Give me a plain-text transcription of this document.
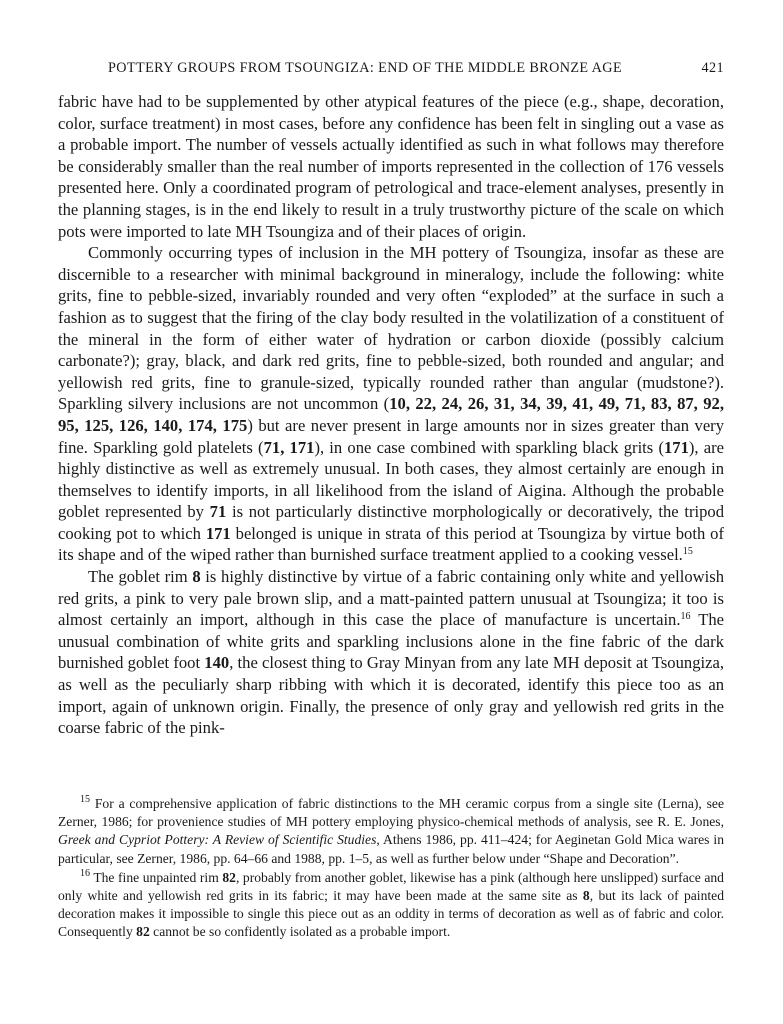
POTTERY GROUPS FROM TSOUNGIZA: END OF THE MIDDLE BRONZE AGE	421

fabric have had to be supplemented by other atypical features of the piece (e.g., shape, decoration, color, surface treatment) in most cases, before any confidence has been felt in singling out a vase as a probable import. The number of vessels actually identified as such in what follows may therefore be considerably smaller than the real number of imports represented in the collection of 176 vessels presented here. Only a coordinated program of petrological and trace-element analyses, presently in the planning stages, is in the end likely to result in a truly trustworthy picture of the scale on which pots were imported to late MH Tsoungiza and of their places of origin.

Commonly occurring types of inclusion in the MH pottery of Tsoungiza, insofar as these are discernible to a researcher with minimal background in mineralogy, include the following: white grits, fine to pebble-sized, invariably rounded and very often “exploded” at the surface in such a fashion as to suggest that the firing of the clay body resulted in the volatilization of a constituent of the mineral in the form of either water of hydration or carbon dioxide (possibly calcium carbonate?); gray, black, and dark red grits, fine to pebble-sized, both rounded and angular; and yellowish red grits, fine to granule-sized, typically rounded rather than angular (mudstone?). Sparkling silvery inclusions are not uncommon (10, 22, 24, 26, 31, 34, 39, 41, 49, 71, 83, 87, 92, 95, 125, 126, 140, 174, 175) but are never present in large amounts nor in sizes greater than very fine. Sparkling gold platelets (71, 171), in one case combined with sparkling black grits (171), are highly distinctive as well as extremely unusual. In both cases, they almost certainly are enough in themselves to identify imports, in all likelihood from the island of Aigina. Although the probable goblet represented by 71 is not particularly distinctive morphologically or decoratively, the tripod cooking pot to which 171 belonged is unique in strata of this period at Tsoungiza by virtue both of its shape and of the wiped rather than burnished surface treatment applied to a cooking vessel.$^{15}$

The goblet rim 8 is highly distinctive by virtue of a fabric containing only white and yellowish red grits, a pink to very pale brown slip, and a matt-painted pattern unusual at Tsoungiza; it too is almost certainly an import, although in this case the place of manufacture is uncertain.$^{16}$ The unusual combination of white grits and sparkling inclusions alone in the fine fabric of the dark burnished goblet foot 140, the closest thing to Gray Minyan from any late MH deposit at Tsoungiza, as well as the peculiarly sharp ribbing with which it is decorated, identify this piece too as an import, again of unknown origin. Finally, the presence of only gray and yellowish red grits in the coarse fabric of the pink-

$^{15}$ For a comprehensive application of fabric distinctions to the MH ceramic corpus from a single site (Lerna), see Zerner, 1986; for provenience studies of MH pottery employing physico-chemical methods of analysis, see R. E. Jones, Greek and Cypriot Pottery: A Review of Scientific Studies, Athens 1986, pp. 411–424; for Aeginetan Gold Mica wares in particular, see Zerner, 1986, pp. 64–66 and 1988, pp. 1–5, as well as further below under “Shape and Decoration”.

$^{16}$ The fine unpainted rim 82, probably from another goblet, likewise has a pink (although here unslipped) surface and only white and yellowish red grits in its fabric; it may have been made at the same site as 8, but its lack of painted decoration makes it impossible to single this piece out as an oddity in terms of decoration as well as of fabric and color. Consequently 82 cannot be so confidently isolated as a probable import.
